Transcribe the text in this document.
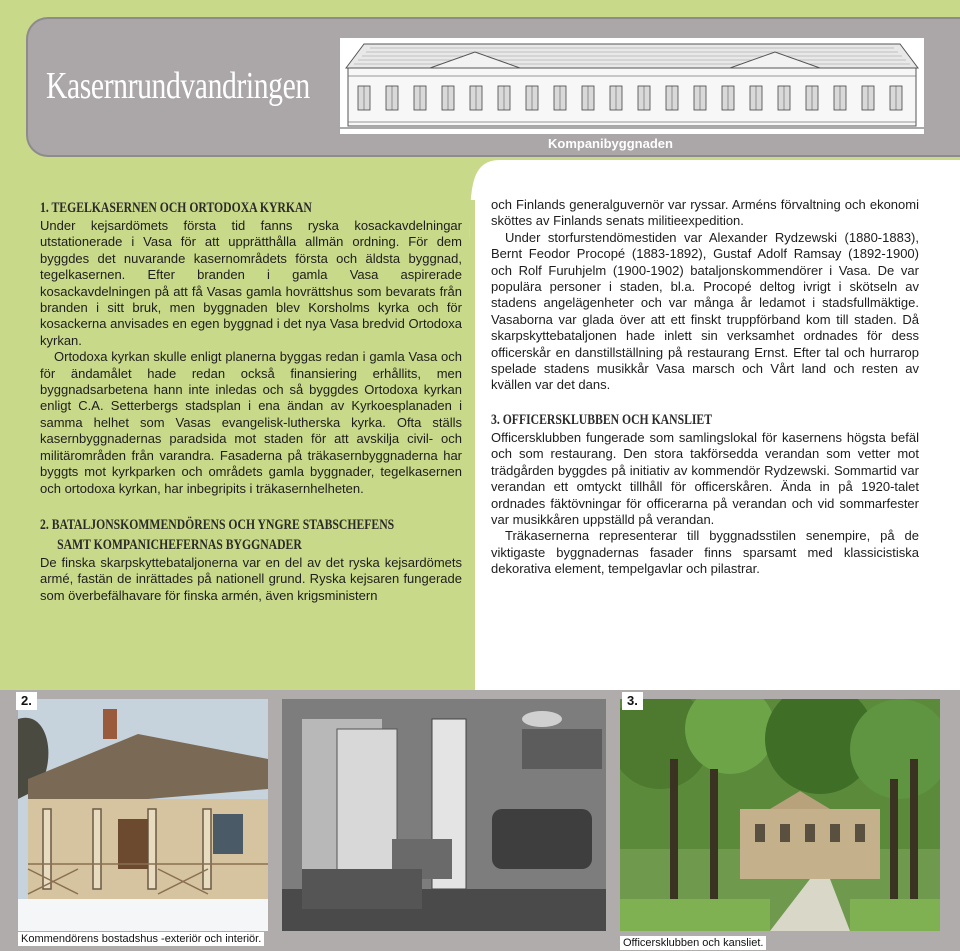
Kasernrundvandringen
Kompanibyggnaden
1. TEGELKASERNEN OCH ORTODOXA KYRKAN

Under kejsardömets första tid fanns ryska kosackavdelningar utstationerade i Vasa för att upprätthålla allmän ordning. För dem byggdes det nuvarande kasernområdets första och äldsta byggnad, tegelkasernen. Efter branden i gamla Vasa aspirerade kosackavdelningen på att få Vasas gamla hovrättshus som bevarats från branden i sitt bruk, men byggnaden blev Korsholms kyrka och för kosackerna anvisades en egen byggnad i det nya Vasa bredvid Ortodoxa kyrkan.

Ortodoxa kyrkan skulle enligt planerna byggas redan i gamla Vasa och för ändamålet hade redan också finansiering erhållits, men byggnadsarbetena hann inte inledas och så byggdes Ortodoxa kyrkan enligt C.A. Setterbergs stadsplan i ena ändan av Kyrkoesplanaden i samma helhet som Vasas evangelisk-lutherska kyrka. Ofta ställs kasernbyggnadernas paradsida mot staden för att avskilja civil- och militärområden från varandra. Fasaderna på träkasernbyggnaderna har byggts mot kyrkparken och områdets gamla byggnader, tegelkasernen och ortodoxa kyrkan, har inbegripits i träkasernhelheten.

2. BATALJONSKOMMENDÖRENS OCH YNGRE STABSCHEFENS
SAMT KOMPANICHEFERNAS BYGGNADER

De finska skarpskyttebataljonerna var en del av det ryska kejsardömets armé, fastän de inrättades på nationell grund. Ryska kejsaren fungerade som överbefälhavare för finska armén, även krigsministern

och Finlands generalguvernör var ryssar. Arméns förvaltning och ekonomi sköttes av Finlands senats militieexpedition.

Under storfurstendömestiden var Alexander Rydzewski (1880-1883), Bernt Feodor Procopé (1883-1892), Gustaf Adolf Ramsay (1892-1900) och Rolf Furuhjelm (1900-1902) bataljonskommendörer i Vasa. De var populära personer i staden, bl.a. Procopé deltog ivrigt i skötseln av stadens angelägenheter och var många år ledamot i stadsfullmäktige. Vasaborna var glada över att ett finskt truppförband kom till staden. Då skarpskyttebataljonen hade inlett sin verksamhet ordnades för dess officerskår en danstillställning på restaurang Ernst. Efter tal och hurrarop spelade stadens musikkår Vasa marsch och Vårt land och resten av kvällen var det dans.

3. OFFICERSKLUBBEN OCH KANSLIET

Officersklubben fungerade som samlingslokal för kasernens högsta befäl och som restaurang. Den stora takförsedda verandan som vetter mot trädgården byggdes på initiativ av kommendör Rydzewski. Sommartid var verandan ett omtyckt tillhåll för officerskåren. Ända in på 1920-talet ordnades fäktövningar för officerarna på verandan och vid sommarfester var musikkåren uppställd på verandan.

Träkasernerna representerar till byggnadsstilen senempire, på de viktigaste byggnadernas fasader finns sparsamt med klassicistiska dekorativa element, tempelgavlar och pilastrar.

2.	3.
Kommendörens bostadshus -exteriör och interiör.	Officersklubben och kansliet.
